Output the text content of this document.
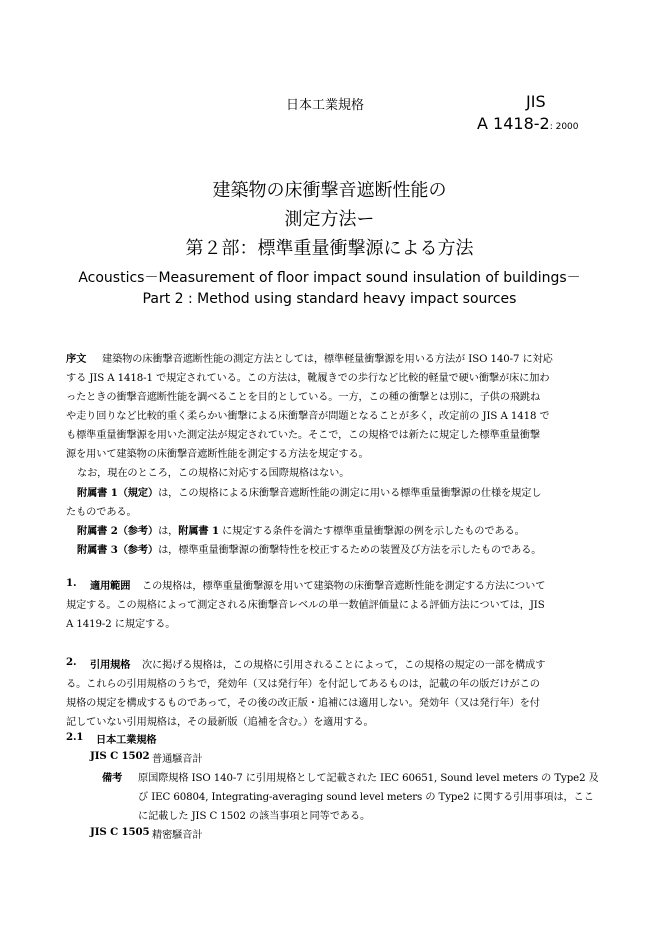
日本工業規格	JIS
A 1418-2: 2000
建築物の床衝撃音遮断性能の
測定方法ー
第２部：標準重量衝撃源による方法
Acoustics－Measurement of floor impact sound insulation of buildings－
Part 2 : Method using standard heavy impact sources
序文 建築物の床衝撃音遮断性能の測定方法としては，標準軽量衝撃源を用いる方法が ISO 140-7 に対応
する JIS A 1418-1 で規定されている。この方法は，靴履きでの歩行など比較的軽量で硬い衝撃が床に加わ
ったときの衝撃音遮断性能を調べることを目的としている。一方，この種の衝撃とは別に，子供の飛跳ね
や走り回りなど比較的重く柔らかい衝撃による床衝撃音が問題となることが多く，改定前の JIS A 1418 で
も標準重量衝撃源を用いた測定法が規定されていた。そこで，この規格では新たに規定した標準重量衝撃
源を用いて建築物の床衝撃音遮断性能を測定する方法を規定する。
なお，現在のところ，この規格に対応する国際規格はない。
附属書 1（規定）は，この規格による床衝撃音遮断性能の測定に用いる標準重量衝撃源の仕様を規定し
たものである。
附属書 2（参考）は，附属書 1 に規定する条件を満たす標準重量衝撃源の例を示したものである。
附属書 3（参考）は，標準重量衝撃源の衝撃特性を校正するための装置及び方法を示したものである。
1. 適用範囲 この規格は，標準重量衝撃源を用いて建築物の床衝撃音遮断性能を測定する方法について
規定する。この規格によって測定される床衝撃音レベルの単一数値評価量による評価方法については，JIS
A 1419-2 に規定する。
2. 引用規格 次に掲げる規格は，この規格に引用されることによって，この規格の規定の一部を構成す
る。これらの引用規格のうちで，発効年（又は発行年）を付記してあるものは，記載の年の版だけがこの
規格の規定を構成するものであって，その後の改正版・追補には適用しない。発効年（又は発行年）を付
記していない引用規格は，その最新版（追補を含む。）を適用する。
2.1 日本工業規格
JIS C 1502 普通騒音計
備考 原国際規格 ISO 140-7 に引用規格として記載された IEC 60651, Sound level meters の Type2 及
び IEC 60804, Integrating-averaging sound level meters の Type2 に関する引用事項は，ここ
に記載した JIS C 1502 の該当事項と同等である。
JIS C 1505 精密騒音計
